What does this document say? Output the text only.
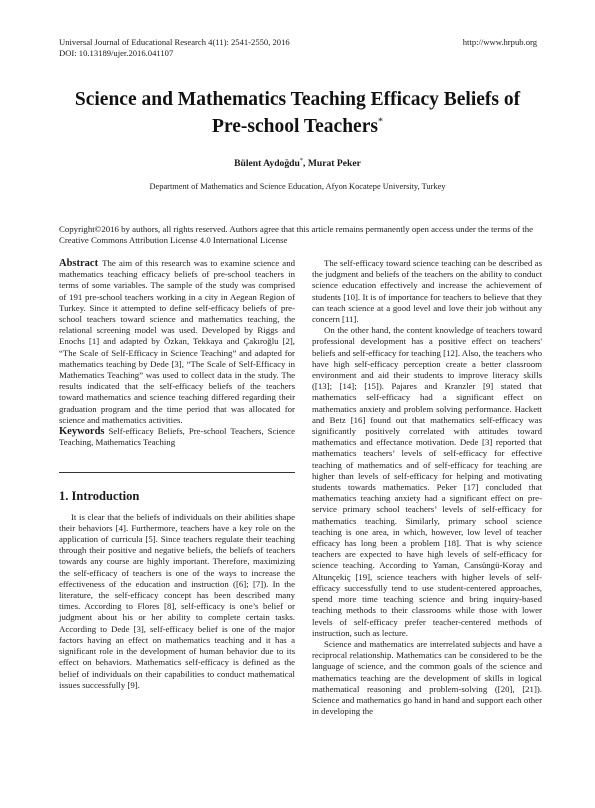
Universal Journal of Educational Research 4(11): 2541-2550, 2016
DOI: 10.13189/ujer.2016.041107
http://www.hrpub.org
Science and Mathematics Teaching Efficacy Beliefs of
Pre-school Teachers*
Bülent Aydoğdu*, Murat Peker
Department of Mathematics and Science Education, Afyon Kocatepe University, Turkey
Copyright©2016 by authors, all rights reserved. Authors agree that this article remains permanently open access under the terms of the Creative Commons Attribution License 4.0 International License

Abstract The aim of this research was to examine science and mathematics teaching efficacy beliefs of pre-school teachers in terms of some variables. The sample of the study was comprised of 191 pre-school teachers working in a city in Aegean Region of Turkey. Since it attempted to define self-efficacy beliefs of pre-school teachers toward science and mathematics teaching, the relational screening model was used. Developed by Riggs and Enochs [1] and adapted by Özkan, Tekkaya and Çakıroğlu [2], “The Scale of Self-Efficacy in Science Teaching” and adapted for mathematics teaching by Dede [3], “The Scale of Self-Efficacy in Mathematics Teaching” was used to collect data in the study. The results indicated that the self-efficacy beliefs of the teachers toward mathematics and science teaching differed regarding their graduation program and the time period that was allocated for science and mathematics activities.

Keywords Self-efficacy Beliefs, Pre-school Teachers, Science Teaching, Mathematics Teaching

1. Introduction

It is clear that the beliefs of individuals on their abilities shape their behaviors [4]. Furthermore, teachers have a key role on the application of curricula [5]. Since teachers regulate their teaching through their positive and negative beliefs, the beliefs of teachers towards any course are highly important. Therefore, maximizing the self-efficacy of teachers is one of the ways to increase the effectiveness of the education and instruction ([6]; [7]). In the literature, the self-efficacy concept has been described many times. According to Flores [8], self-efficacy is one’s belief or judgment about his or her ability to complete certain tasks. According to Dede [3], self-efficacy belief is one of the major factors having an effect on mathematics teaching and it has a significant role in the development of human behavior due to its effect on behaviors. Mathematics self-efficacy is defined as the belief of individuals on their capabilities to conduct mathematical issues successfully [9].

The self-efficacy toward science teaching can be described as the judgment and beliefs of the teachers on the ability to conduct science education effectively and increase the achievement of students [10]. It is of importance for teachers to believe that they can teach science at a good level and love their job without any concern [11].

On the other hand, the content knowledge of teachers toward professional development has a positive effect on teachers' beliefs and self-efficacy for teaching [12]. Also, the teachers who have high self-efficacy perception create a better classroom environment and aid their students to improve literacy skills ([13]; [14]; [15]). Pajares and Kranzler [9] stated that mathematics self-efficacy had a significant effect on mathematics anxiety and problem solving performance. Hackett and Betz [16] found out that mathematics self-efficacy was significantly positively correlated with attitudes toward mathematics and effectance motivation. Dede [3] reported that mathematics teachers’ levels of self-efficacy for effective teaching of mathematics and of self-efficacy for teaching are higher than levels of self-efficacy for helping and motivating students towards mathematics. Peker [17] concluded that mathematics teaching anxiety had a significant effect on pre-service primary school teachers’ levels of self-efficacy for mathematics teaching. Similarly, primary school science teaching is one area, in which, however, low level of teacher efficacy has long been a problem [18]. That is why science teachers are expected to have high levels of self-efficacy for science teaching. According to Yaman, Cansüngü-Koray and Altunçekiç [19], science teachers with higher levels of self-efficacy successfully tend to use student-centered approaches, spend more time teaching science and bring inquiry-based teaching methods to their classrooms while those with lower levels of self-efficacy prefer teacher-centered methods of instruction, such as lecture.

Science and mathematics are interrelated subjects and have a reciprocal relationship. Mathematics can be considered to be the language of science, and the common goals of the science and mathematics teaching are the development of skills in logical mathematical reasoning and problem-solving ([20], [21]). Science and mathematics go hand in hand and support each other in developing the
